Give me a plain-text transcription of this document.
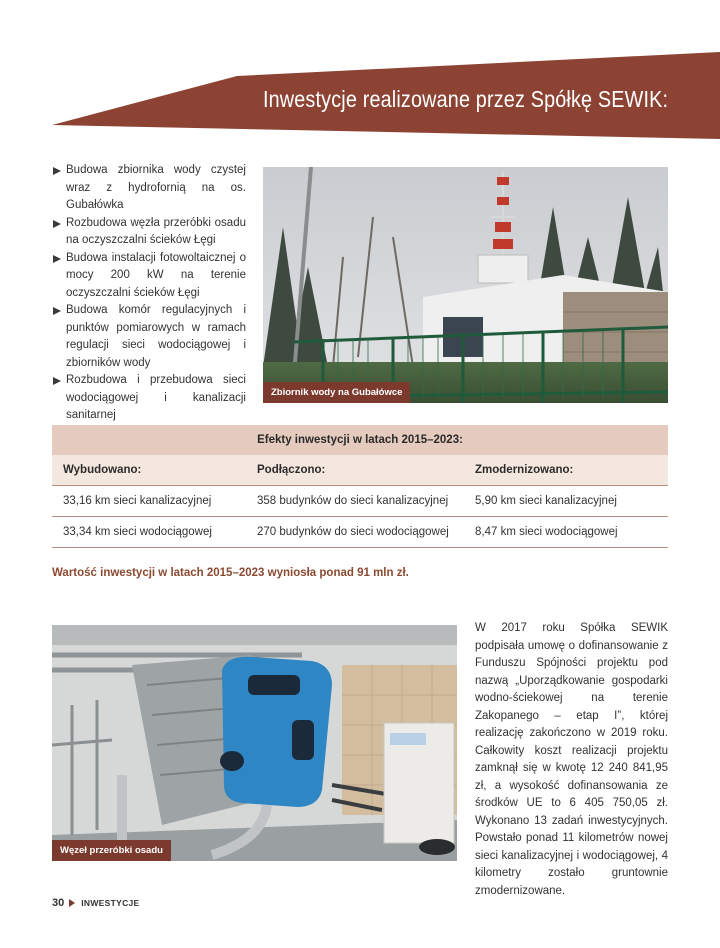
Inwestycje realizowane przez Spółkę SEWIK:
Budowa zbiornika wody czystej wraz z hydrofornią na os. Gubałówka
Rozbudowa węzła przeróbki osadu na oczyszczalni ścieków Łęgi
Budowa instalacji fotowoltaicznej o mocy 200 kW na terenie oczyszczalni ścieków Łęgi
Budowa komór regulacyjnych i punktów pomiarowych w ramach regulacji sieci wodociągowej i zbiorników wody
Rozbudowa i przebudowa sieci wodociągowej i kanalizacji sanitarnej
Zbiornik wody na Gubałówce
Efekty inwestycji w latach 2015–2023:
Wybudowano:	Podłączono:	Zmodernizowano:
33,16 km sieci kanalizacyjnej	358 budynków do sieci kanalizacyjnej	5,90 km sieci kanalizacyjnej
33,34 km sieci wodociągowej	270 budynków do sieci wodociągowej	8,47 km sieci wodociągowej
Wartość inwestycji w latach 2015–2023 wyniosła ponad 91 mln zł.
Węzeł przeróbki osadu

W 2017 roku Spółka SEWIK podpisała umowę o dofinansowanie z Funduszu Spójności projektu pod nazwą „Uporządkowanie gospodarki wodno-ściekowej na terenie Zakopanego – etap I”, której realizację zakończono w 2019 roku. Całkowity koszt realizacji projektu zamknął się w kwotę 12 240 841,95 zł, a wysokość dofinansowania ze środków UE to 6 405 750,05 zł. Wykonano 13 zadań inwestycyjnych. Powstało ponad 11 kilometrów nowej sieci kanalizacyjnej i wodociągowej, 4 kilometry zostało gruntownie zmodernizowane.

30 INWESTYCJE
